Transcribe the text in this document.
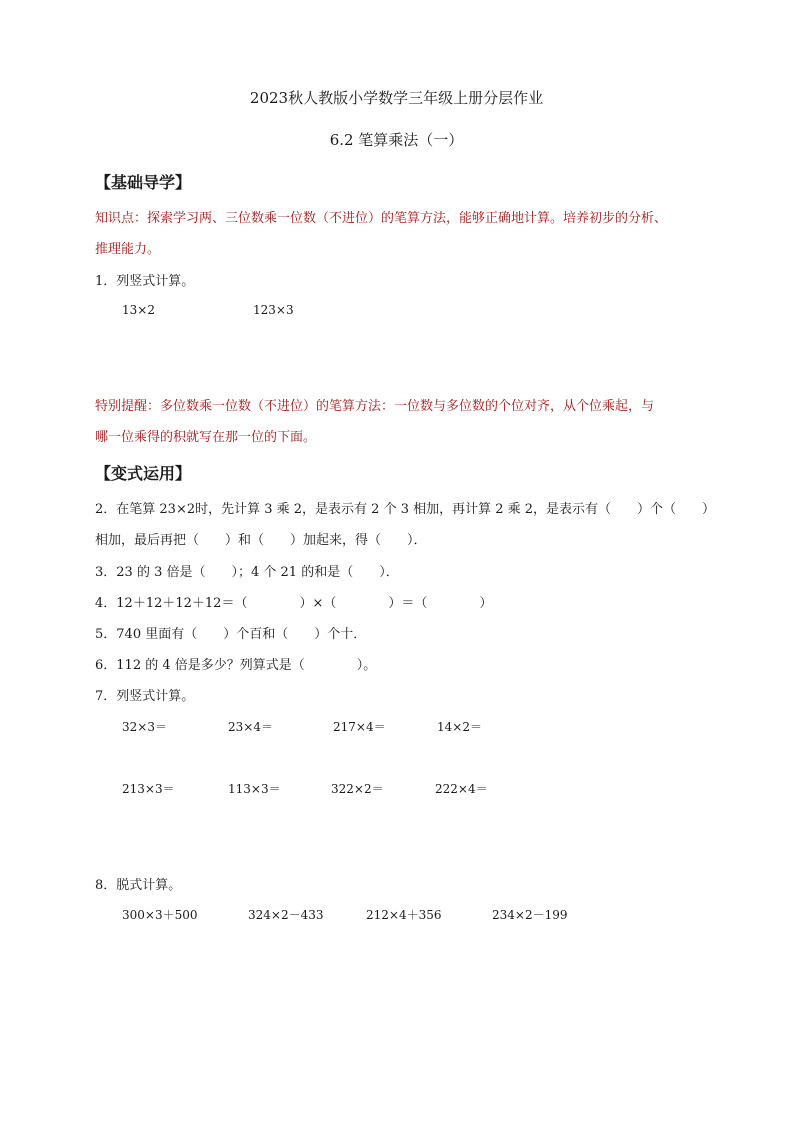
2023秋人教版小学数学三年级上册分层作业
6.2 笔算乘法（一）
【基础导学】
知识点：探索学习两、三位数乘一位数（不进位）的笔算方法，能够正确地计算。培养初步的分析、
推理能力。
1．列竖式计算。
13×2	123×3
特别提醒：多位数乘一位数（不进位）的笔算方法：一位数与多位数的个位对齐，从个位乘起，与
哪一位乘得的积就写在那一位的下面。
【变式运用】
2．在笔算 23×2时，先计算 3 乘 2，是表示有 2 个 3 相加，再计算 2 乘 2，是表示有（　　）个（　　）
相加，最后再把（　　）和（　　）加起来，得（　　）．
3．23 的 3 倍是（　　）；4 个 21 的和是（　　）．
4．12＋12＋12＋12＝（　　　　）×（　　　　）＝（　　　　）
5．740 里面有（　　）个百和（　　）个十．
6．112 的 4 倍是多少？列算式是（　　　　）。
7．列竖式计算。
32×3＝	23×4＝	217×4＝	14×2＝
213×3＝	113×3＝	322×2＝	222×4＝
8．脱式计算。
300×3＋500	324×2－433	212×4＋356	234×2－199
